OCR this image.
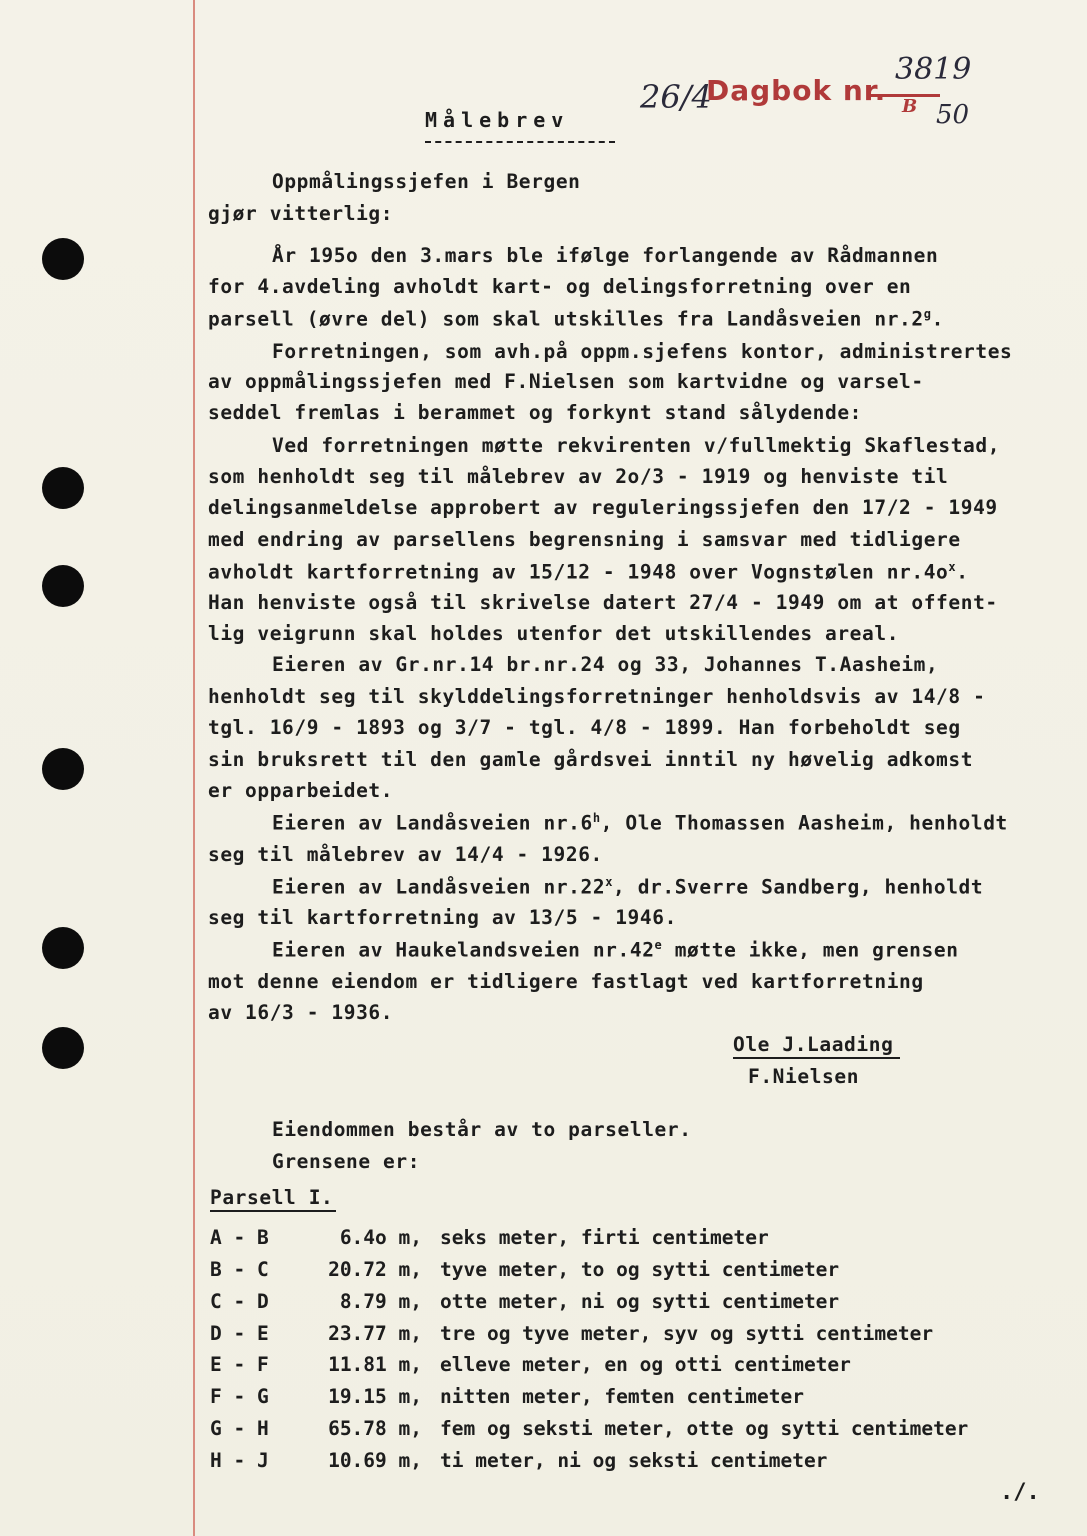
26/4
Dagbok nr.
3819
B 50
Målebrev
Oppmålingssjefen i Bergen
gjør vitterlig:
År 195o den 3.mars ble ifølge forlangende av Rådmannen
for 4.avdeling avholdt kart- og delingsforretning over en
parsell (øvre del) som skal utskilles fra Landåsveien nr.2$^g$.
Forretningen, som avh.på oppm.sjefens kontor, administrertes
av oppmålingssjefen med F.Nielsen som kartvidne og varsel-
seddel fremlas i berammet og forkynt stand sålydende:
Ved forretningen møtte rekvirenten v/fullmektig Skaflestad,
som henholdt seg til målebrev av 2o/3 - 1919 og henviste til
delingsanmeldelse approbert av reguleringssjefen den 17/2 - 1949
med endring av parsellens begrensning i samsvar med tidligere
avholdt kartforretning av 15/12 - 1948 over Vognstølen $nr.4o^x$.
Han henviste også til skrivelse datert 27/4 - 1949 om at offent-
lig veigrunn skal holdes utenfor det utskillendes areal.
Eieren av Gr.nr.14 br.nr.24 og 33, Johannes T.Aasheim,
henholdt seg til skylddelingsforretninger henholdsvis av 14/8 -
tgl. 16/9 - 1893 og 3/7 - tgl. 4/8 - 1899. Han forbeholdt seg
sin bruksrett til den gamle gårdsvei inntil ny høvelig adkomst
er opparbeidet.
Eieren av Landåsveien nr.6$^h$, Ole Thomassen Aasheim, henholdt
seg til målebrev av 14/4 - 1926.
Eieren av Landåsveien nr.22$^x$, dr.Sverre Sandberg, henholdt
seg til kartforretning av 13/5 - 1946.
Eieren av Haukelandsveien nr.42e møtte ikke, men grensen
mot denne eiendom er tidligere fastlagt ved kartforretning
av 16/3 - 1936.
Ole J.Laading
F.Nielsen
Eiendommen består av to parseller.
Grensene er:
Parsell I.
A - B	6.4o m, seks meter, firti centimeter
B - C	20.72 m, tyve meter, to og sytti centimeter
C - D	8.79 m, otte meter, ni og sytti centimeter
D - E	23.77 m, tre og tyve meter, syv og sytti centimeter
E - F	11.81 m, elleve meter, en og otti centimeter
F - G	19.15 m, nitten meter, femten centimeter
G - H	65.78 m, fem og seksti meter, otte og sytti centimeter
H - J	10.69 m, ti meter, ni og seksti centimeter
./.
